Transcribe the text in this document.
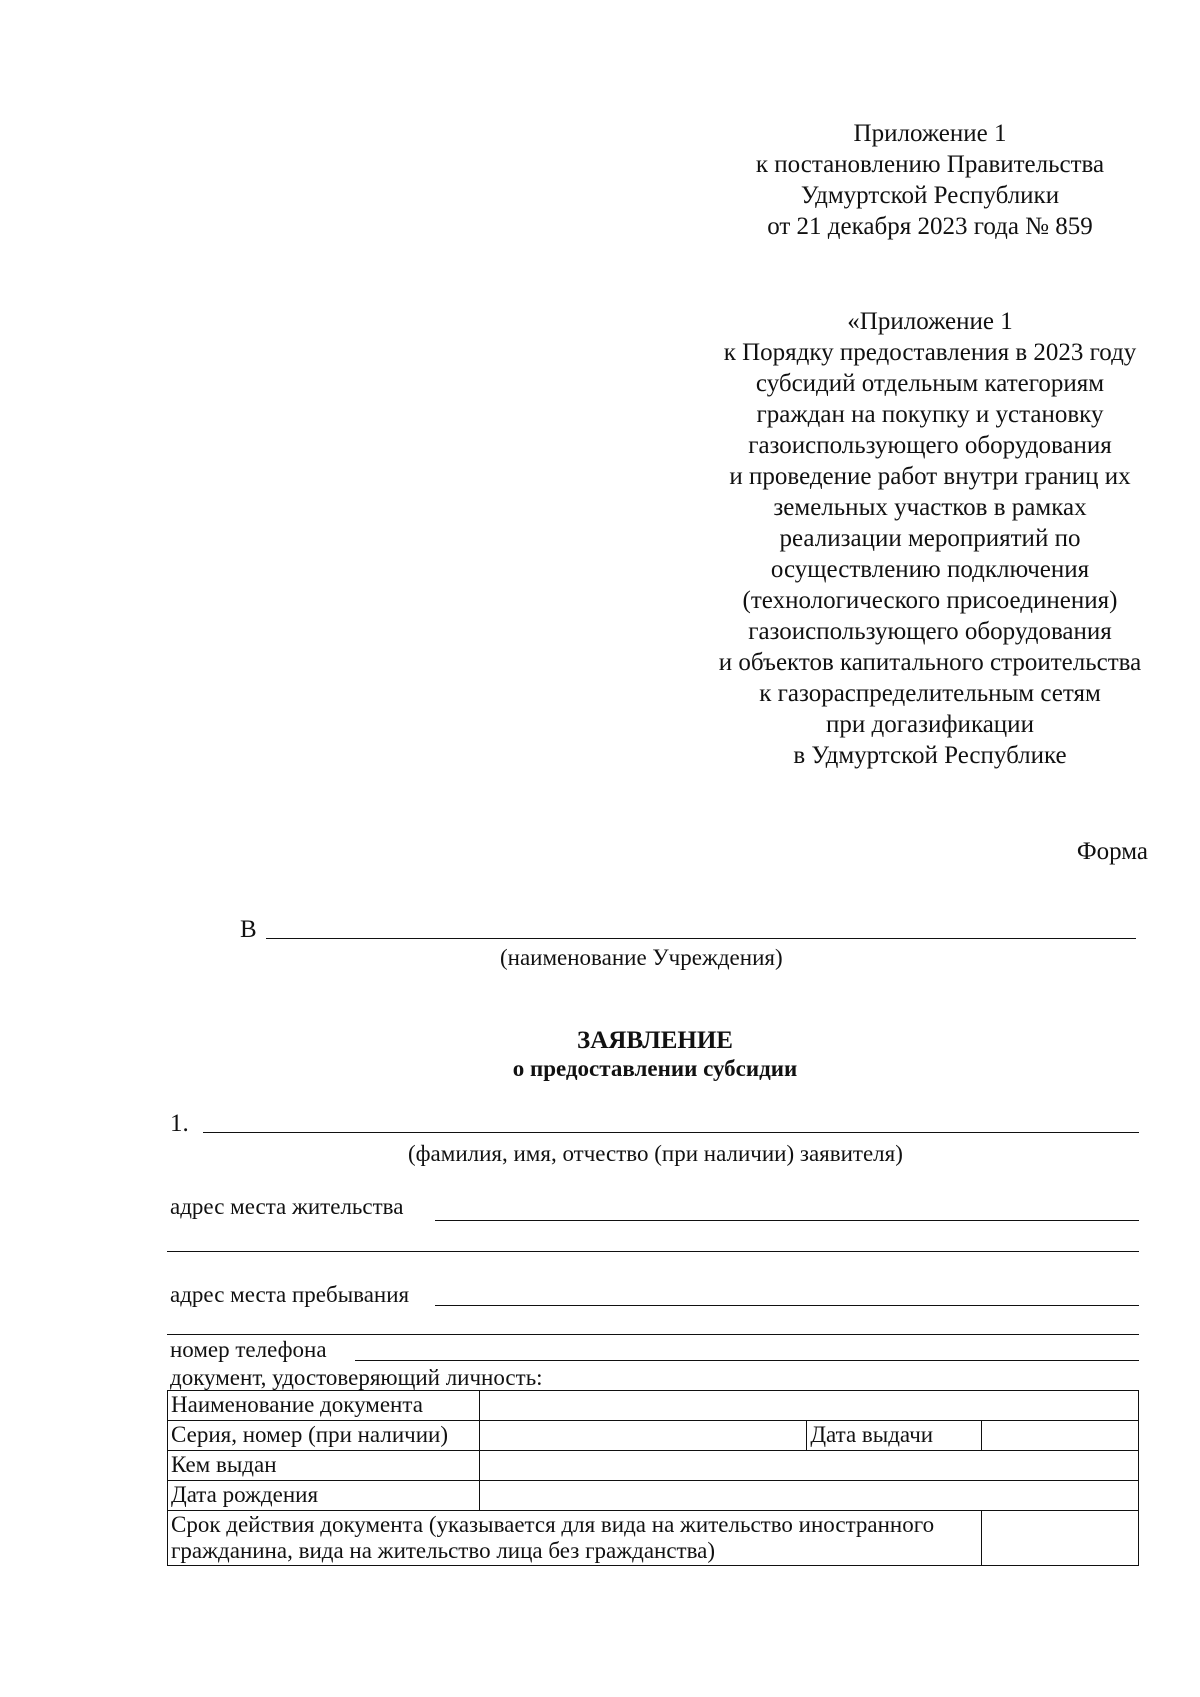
Приложение 1
к постановлению Правительства
Удмуртской Республики
от 21 декабря 2023 года № 859
«Приложение 1
к Порядку предоставления в 2023 году
субсидий отдельным категориям
граждан на покупку и установку
газоиспользующего оборудования
и проведение работ внутри границ их
земельных участков в рамках
реализации мероприятий по
осуществлению подключения
(технологического присоединения)
газоиспользующего оборудования
и объектов капитального строительства
к газораспределительным сетям
при догазификации
в Удмуртской Республике
Форма
В
(наименование Учреждения)
ЗАЯВЛЕНИЕ
о предоставлении субсидии
1.
(фамилия, имя, отчество (при наличии) заявителя)
адрес места жительства
адрес места пребывания
номер телефона
документ, удостоверяющий личность:
Наименование документа			
Серия, номер (при наличии)		Дата выдачи	
Кем выдан			
Дата рождения			
Срок действия документа (указывается для вида на жительство иностранного гражданина, вида на жительство лица без гражданства)			
